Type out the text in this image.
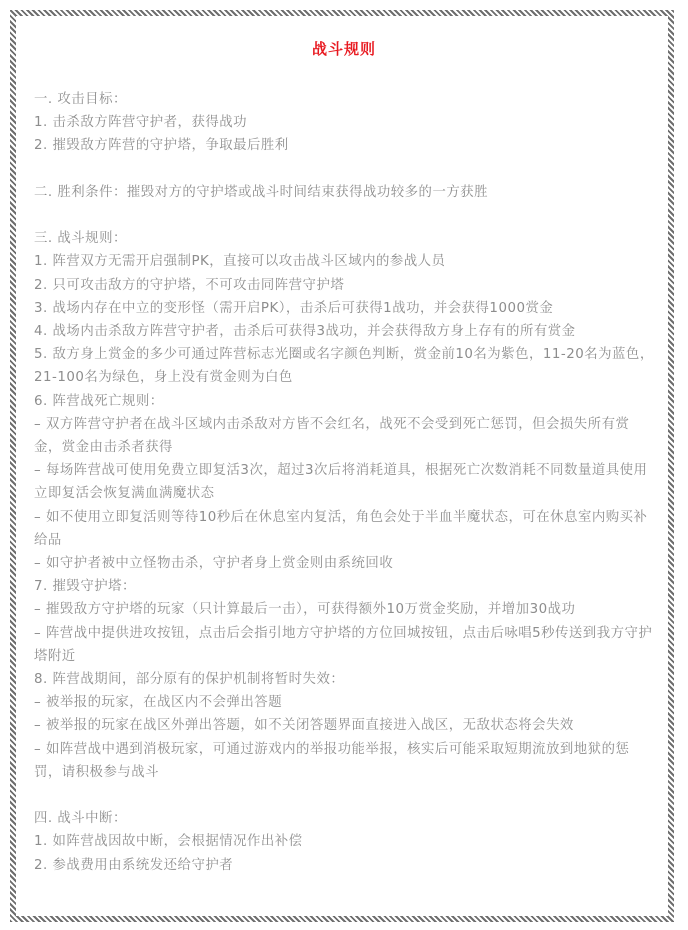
战斗规则
一. 攻击目标：
1. 击杀敌方阵营守护者，获得战功
2. 摧毁敌方阵营的守护塔，争取最后胜利
二. 胜利条件：摧毁对方的守护塔或战斗时间结束获得战功较多的一方获胜
三. 战斗规则：
1. 阵营双方无需开启强制PK，直接可以攻击战斗区域内的参战人员
2. 只可攻击敌方的守护塔，不可攻击同阵营守护塔
3. 战场内存在中立的变形怪（需开启PK），击杀后可获得1战功，并会获得1000赏金
4. 战场内击杀敌方阵营守护者，击杀后可获得3战功，并会获得敌方身上存有的所有赏金
5. 敌方身上赏金的多少可通过阵营标志光圈或名字颜色判断，赏金前10名为紫色，11-20名为蓝色，21-100名为绿色，身上没有赏金则为白色
6. 阵营战死亡规则：
– 双方阵营守护者在战斗区域内击杀敌对方皆不会红名，战死不会受到死亡惩罚，但会损失所有赏金，赏金由击杀者获得
– 每场阵营战可使用免费立即复活3次，超过3次后将消耗道具，根据死亡次数消耗不同数量道具使用立即复活会恢复满血满魔状态
– 如不使用立即复活则等待10秒后在休息室内复活，角色会处于半血半魔状态，可在休息室内购买补给品
– 如守护者被中立怪物击杀，守护者身上赏金则由系统回收
7. 摧毁守护塔：
– 摧毁敌方守护塔的玩家（只计算最后一击），可获得额外10万赏金奖励，并增加30战功
– 阵营战中提供进攻按钮，点击后会指引地方守护塔的方位回城按钮，点击后咏唱5秒传送到我方守护塔附近
8. 阵营战期间，部分原有的保护机制将暂时失效：
– 被举报的玩家，在战区内不会弹出答题
– 被举报的玩家在战区外弹出答题，如不关闭答题界面直接进入战区，无敌状态将会失效
– 如阵营战中遇到消极玩家，可通过游戏内的举报功能举报，核实后可能采取短期流放到地狱的惩罚，请积极参与战斗
四. 战斗中断：
1. 如阵营战因故中断，会根据情况作出补偿
2. 参战费用由系统发还给守护者
